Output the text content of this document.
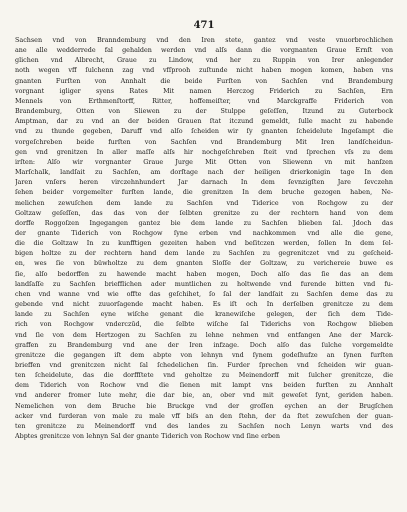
471
Sachsen vnd von Branndemburg vnd den Iren stete, gantez vnd veste vnuorbrochlichen
ane alle wedderrede fal gehalden werden vnd alſs dann die vorgnanten Graue Ernſt von
glichen vnd Albrecht, Graue zu Lindow, vnd her zu Ruppin von Irer anlegender
noth wegen vff ſulchenn zag vnd vfſprooh zuſtunde nicht haben mogen komen, haben vns
gnanten Furſten von Annhalt die beide Furſten von Sachſen vnd Brandemburg
vorgnant igliger syens Rates Mit namen Herczog Friderich zu Sachſen, Ern
Mennels von Erthmenſtorff, Ritter, hoffemeiſter, vnd Marckgraffe Friderich von
Brandemburg, Otten von Sliewen zu der Stulppe geſeſſen, Itzund zu Guterbock
Amptman, dar zu vnd an der beiden Grauen ſtat itczund gemeldt, ſulle macht zu habende
vnd zu thunde gegeben, Daruff vnd alſo ſcheiden wir ſy gnanten ſcheidelute Ingeſampt die
vorgeſchreben beide furſten von Sachſen vnd Brandemburg Mit Iren landſcheidun-
gen vnd grenitzen In aller maſſe alſs hir nochgeſchreben ſteit vnd ſprechen vſs zu dem
irſten: Alſo wir vorgnanter Graue Jurge Mit Otten von Sliewenn vn mit hanſzen
Marſchalk, landſait zu Sachſen, am dorſtage nach der heiligen drierkonigin tage In den
Jaren vnſers heren virczehnhundert Jar darnach In dem ſevnzigſten Jare ſevczehn
ſehen beider vorgemelter furſten lande, die grenitzen In dem bruche gezogen haben, Ne-
melichen zewuſchen dem lande zu Sachſen vnd Tiderice von Rochgow zu der
Goltzaw geſeſſen, das das von der ſelbten grenitze zu der rechtern hand von dem
dorffe Roggoſzen Ingegangen gantez bie dem lande zu Sachſen blieben ſal. Jdoch das
der gnante Tiderich von Rochgow ſyne erben vnd nachkommen vnd alle die gene,
die die Goltzaw In zu kunfftigen gezeiten haben vnd beſitczen werden, ſollen In dem ſel-
bigen holtze zu der rechtern hand dem lande zu Sachſen zu gegrenitczet vnd zu geſcheid-
en, wes ſie von büwholtze zu dem gnanten Sloſſe der Goltzaw, zu verichereie buwe es
ſie, alſo bedorffen zu hawende macht haben mogen, Doch alſo das ſie das an dem
landſaſſe zu Sachſen briefflichen ader muntlichen zu holtwende vnd furende bitten vnd fu-
chen vnd wanne vnd wie offte das geſchihet, ſo ſal der landſait zu Sachſen deme das zu
gebende vnd nicht zuuorſagende macht haben. Es iſt och In derſelben grenitcze zu dem
lande zu Sachſen eyne wiſche genant die kranewiſche gelegen, der ſich dem Tide-
rich von Rochgow vnderczūd, die ſelbte wiſche ſal Tiderichs von Rochgow blieben
vnd ſie von dem Hertzogen zu Sachſen zu lehne nehmen vnd entfangen Ane der Marck-
graffen zu Brandemburg vnd ane der Iren infzage. Doch alſo das ſulche vorgemeldte
grenitcze die gegangen iſt dem abpte von lehnyn vnd ſynem godeſhufze an ſynen furſten
brieffen vnd grenitczen nicht ſal ſchedelichen ſin. Furder ſprechen vnd ſcheiden wir guan-
ten ſcheidelute, das die dorffſtete vnd geholtze zu Meinendorff mit ſulcher grenitcze, die
dem Tiderich von Rochow vnd die ſienen mit lampt vns beiden furſten zu Annhalt
vnd anderer fromer lute mehr, die dar bie, an, ober vnd mit geweſet ſynt, geriden haben.
Nemelichen von dem Bruche bie Bruckge vnd der groſſen eychen an der Brugſchen
acker vnd furderan von male zu male vff biſs an den ſtehn, der da ſtet zewuſchen der guan-
ten grenitcze zu Meinendorff vnd des landes zu Sachſen noch Lenyn warts vnd des
Abptes grenitcze von lehnyn Sal der gnante Tiderich von Rochow vnd ſine erben
